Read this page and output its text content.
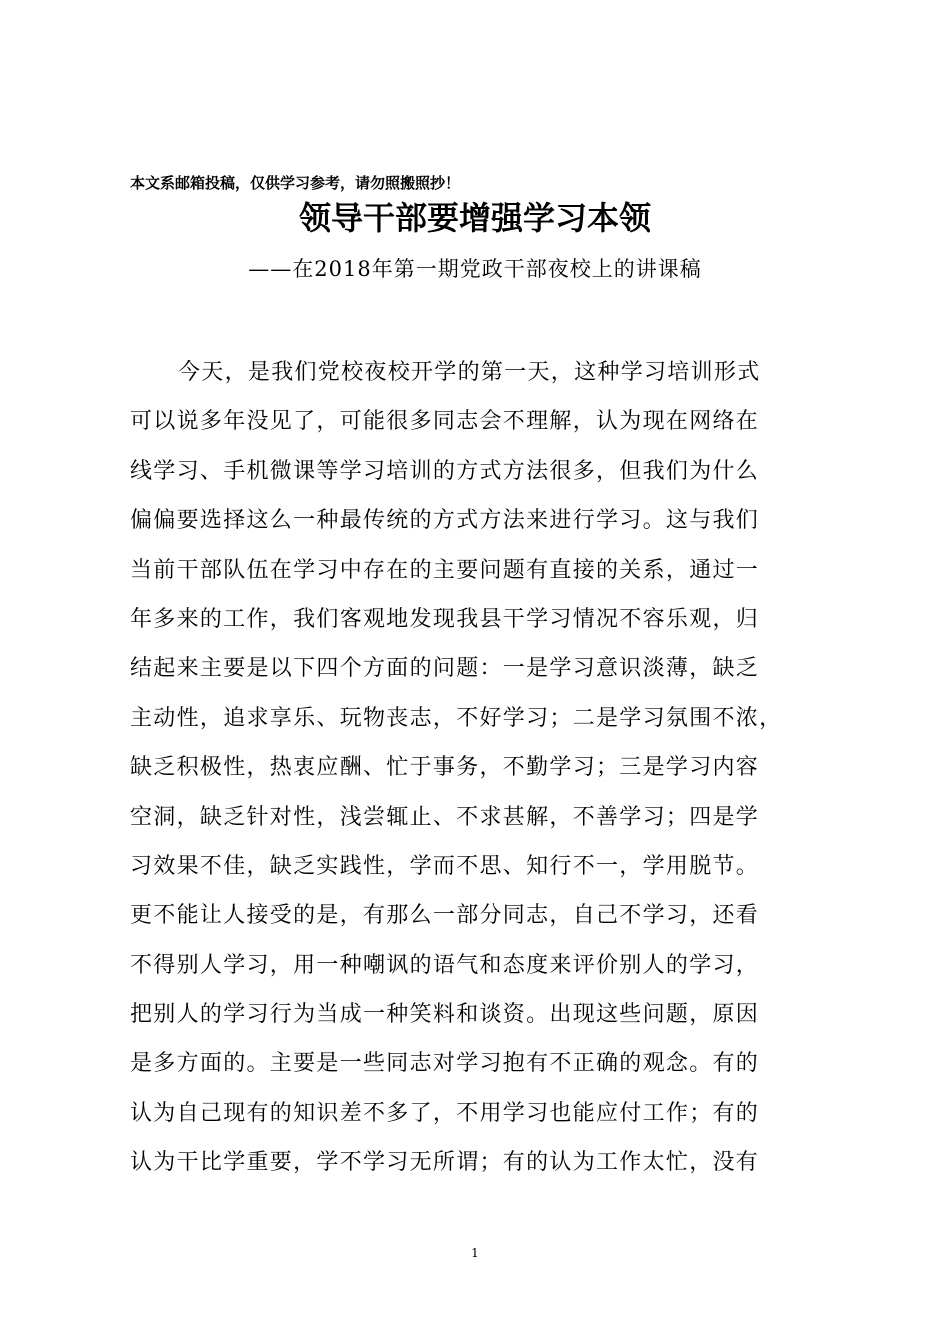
本文系邮箱投稿，仅供学习参考，请勿照搬照抄！
领导干部要增强学习本领
——在2018年第一期党政干部夜校上的讲课稿
今天，是我们党校夜校开学的第一天，这种学习培训形式
可以说多年没见了，可能很多同志会不理解，认为现在网络在
线学习、手机微课等学习培训的方式方法很多，但我们为什么
偏偏要选择这么一种最传统的方式方法来进行学习。这与我们
当前干部队伍在学习中存在的主要问题有直接的关系，通过一
年多来的工作，我们客观地发现我县干学习情况不容乐观，归
结起来主要是以下四个方面的问题：一是学习意识淡薄，缺乏
主动性，追求享乐、玩物丧志，不好学习；二是学习氛围不浓，
缺乏积极性，热衷应酬、忙于事务，不勤学习；三是学习内容
空洞，缺乏针对性，浅尝辄止、不求甚解，不善学习；四是学
习效果不佳，缺乏实践性，学而不思、知行不一，学用脱节。
更不能让人接受的是，有那么一部分同志，自己不学习，还看
不得别人学习，用一种嘲讽的语气和态度来评价别人的学习，
把别人的学习行为当成一种笑料和谈资。出现这些问题，原因
是多方面的。主要是一些同志对学习抱有不正确的观念。有的
认为自己现有的知识差不多了，不用学习也能应付工作；有的
认为干比学重要，学不学习无所谓；有的认为工作太忙，没有
1
